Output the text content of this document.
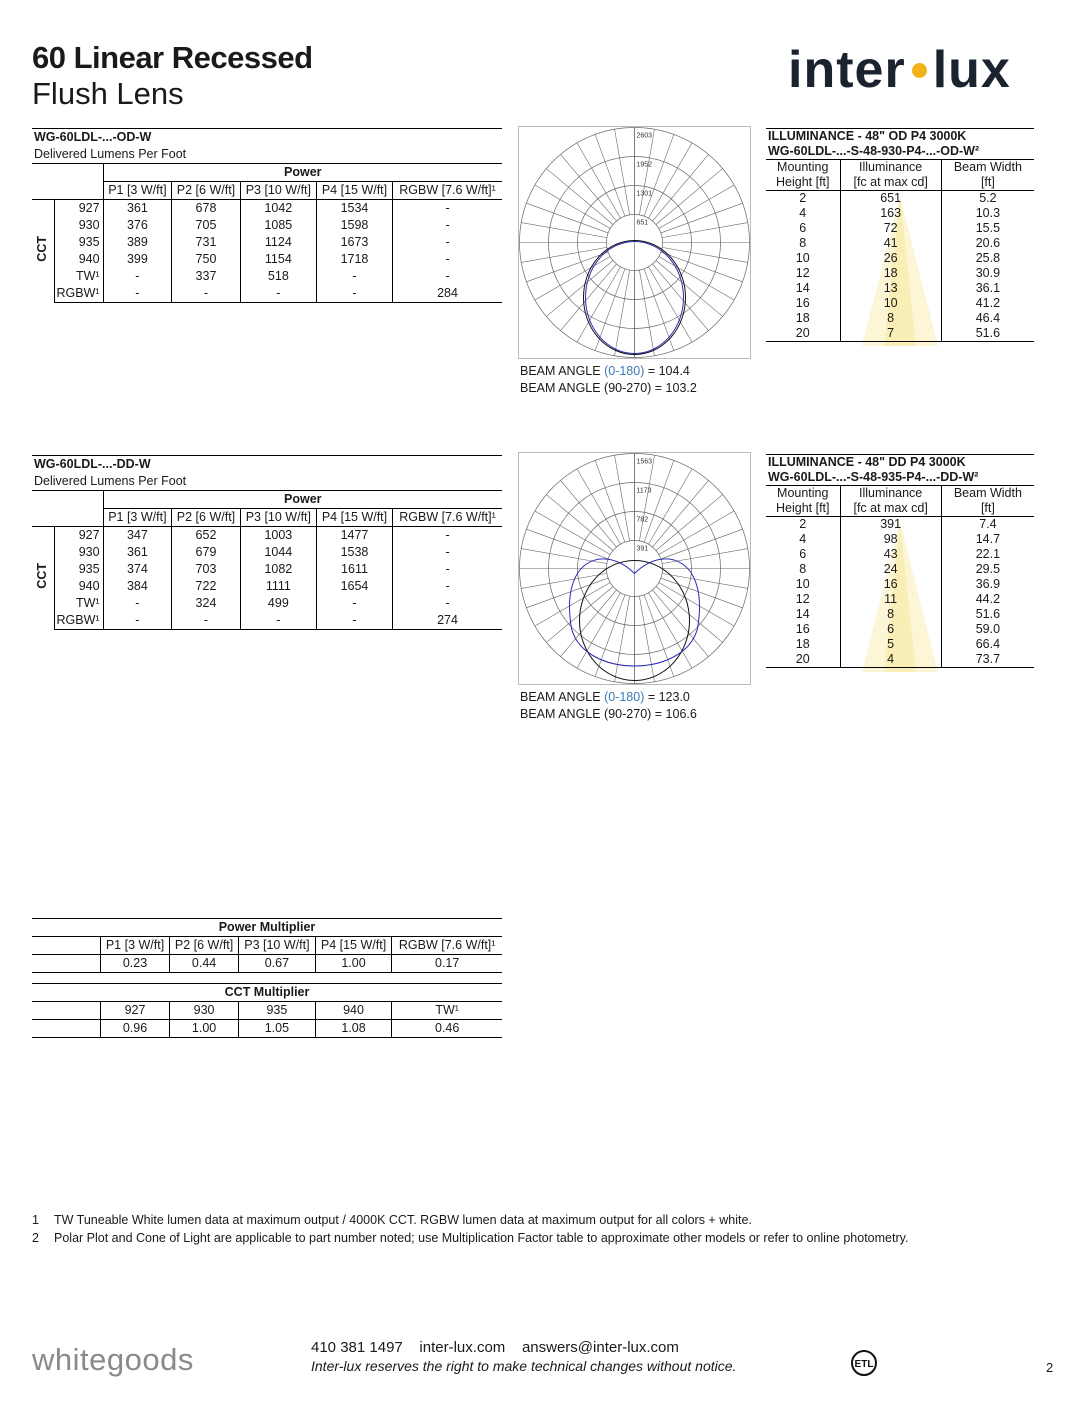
60 Linear Recessed
Flush Lens	inter lux
WG-60LDL-...-OD-W						
Delivered Lumens Per Foot						
		Power				
		P1 [3 W/ft]	P2 [6 W/ft]	P3 [10 W/ft]	P4 [15 W/ft]	RGBW [7.6 W/ft]¹
CCT	927	361	678	1042	1534	-
	930	376	705	1085	1598	-
	935	389	731	1124	1673	-
	940	399	750	1154	1718	-
	TW¹	-	337	518	-	-
	RGBW¹	-	-	-	-	284
WG-60LDL-...-DD-W						
Delivered Lumens Per Foot						
		Power				
		P1 [3 W/ft]	P2 [6 W/ft]	P3 [10 W/ft]	P4 [15 W/ft]	RGBW [7.6 W/ft]¹
CCT	927	347	652	1003	1477	-
	930	361	679	1044	1538	-
	935	374	703	1082	1611	-
	940	384	722	1111	1654	-
	TW¹	-	324	499	-	-
	RGBW¹	-	-	-	-	274
2603
1952
1301
651
BEAM ANGLE (0-180) = 104.4
BEAM ANGLE (90-270) = 103.2
1563
1173
782
391
BEAM ANGLE (0-180) = 123.0
BEAM ANGLE (90-270) = 106.6
ILLUMINANCE - 48" OD P4 3000K		
WG-60LDL-...-S-48-930-P4-...-OD-W²		
Mounting	Illuminance	Beam Width
Height [ft]	[fc at max cd]	[ft]
2	651	5.2
4	163	10.3
6	72	15.5
8	41	20.6
10	26	25.8
12	18	30.9
14	13	36.1
16	10	41.2
18	8	46.4
20	7	51.6
ILLUMINANCE - 48" DD P4 3000K		
WG-60LDL-...-S-48-935-P4-...-DD-W²		
Mounting	Illuminance	Beam Width
Height [ft]	[fc at max cd]	[ft]
2	391	7.4
4	98	14.7
6	43	22.1
8	24	29.5
10	16	36.9
12	11	44.2
14	8	51.6
16	6	59.0
18	5	66.4
20	4	73.7
Power Multiplier					
	P1 [3 W/ft]	P2 [6 W/ft]	P3 [10 W/ft]	P4 [15 W/ft]	RGBW [7.6 W/ft]¹
	0.23	0.44	0.67	1.00	0.17

CCT Multiplier					
	927	930	935	940	TW¹
	0.96	1.00	1.05	1.08	0.46
1 TW Tuneable White lumen data at maximum output / 4000K CCT. RGBW lumen data at maximum output for all colors + white.
2 Polar Plot and Cone of Light are applicable to part number noted; use Multiplication Factor table to approximate other models or refer to online photometry.
whitegoods	410 381 1497    inter-lux.com    answers@inter-lux.com
Inter-lux reserves the right to make technical changes without notice.	ETL	2
